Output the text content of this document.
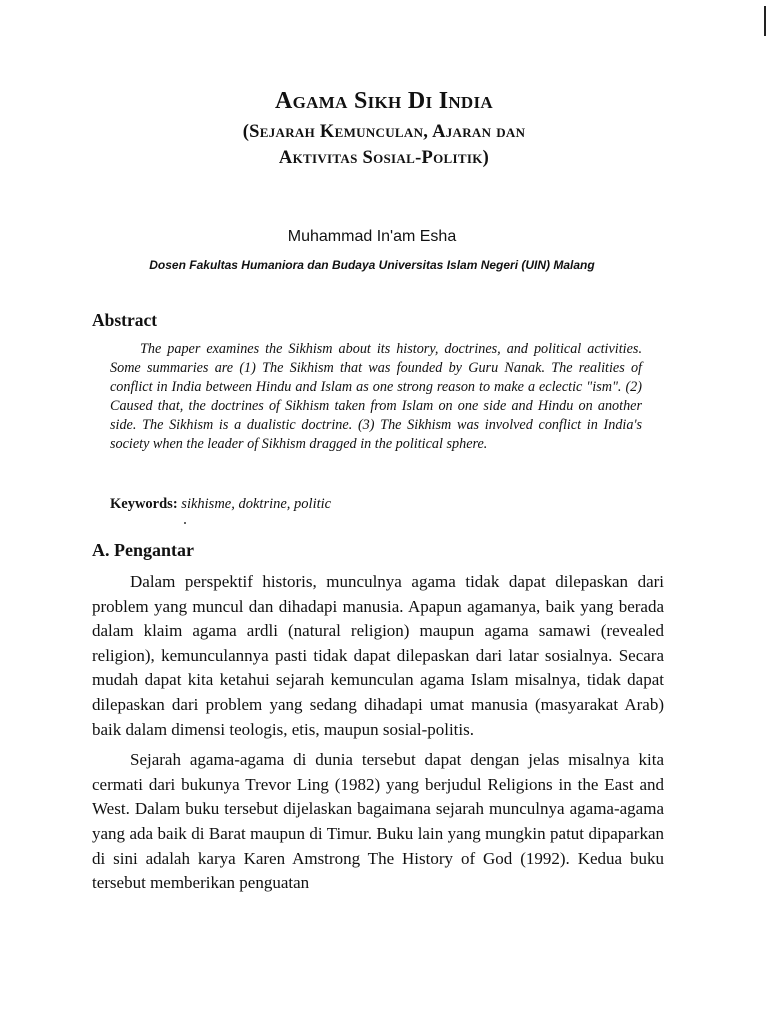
Agama Sikh Di India
(Sejarah Kemunculan, Ajaran dan
Aktivitas Sosial-Politik)
Muhammad In'am Esha
Dosen Fakultas Humaniora dan Budaya Universitas Islam Negeri (UIN) Malang
Abstract

The paper examines the Sikhism about its history, doctrines, and political activities. Some summaries are (1) The Sikhism that was founded by Guru Nanak. The realities of conflict in India between Hindu and Islam as one strong reason to make a eclectic "ism". (2) Caused that, the doctrines of Sikhism taken from Islam on one side and Hindu on another side. The Sikhism is a dualistic doctrine. (3) The Sikhism was involved conflict in India's society when the leader of Sikhism dragged in the political sphere.

Keywords: sikhisme, doktrine, politic
A. Pengantar

Dalam perspektif historis, munculnya agama tidak dapat dilepaskan dari problem yang muncul dan dihadapi manusia. Apapun agamanya, baik yang berada dalam klaim agama ardli (natural religion) maupun agama samawi (revealed religion), kemunculannya pasti tidak dapat dilepaskan dari latar sosialnya. Secara mudah dapat kita ketahui sejarah kemunculan agama Islam misalnya, tidak dapat dilepaskan dari problem yang sedang dihadapi umat manusia (masyarakat Arab) baik dalam dimensi teologis, etis, maupun sosial-politis.

Sejarah agama-agama di dunia tersebut dapat dengan jelas misalnya kita cermati dari bukunya Trevor Ling (1982) yang berjudul Religions in the East and West. Dalam buku tersebut dijelaskan bagaimana sejarah munculnya agama-agama yang ada baik di Barat maupun di Timur. Buku lain yang mungkin patut dipaparkan di sini adalah karya Karen Amstrong The History of God (1992). Kedua buku tersebut memberikan penguatan
